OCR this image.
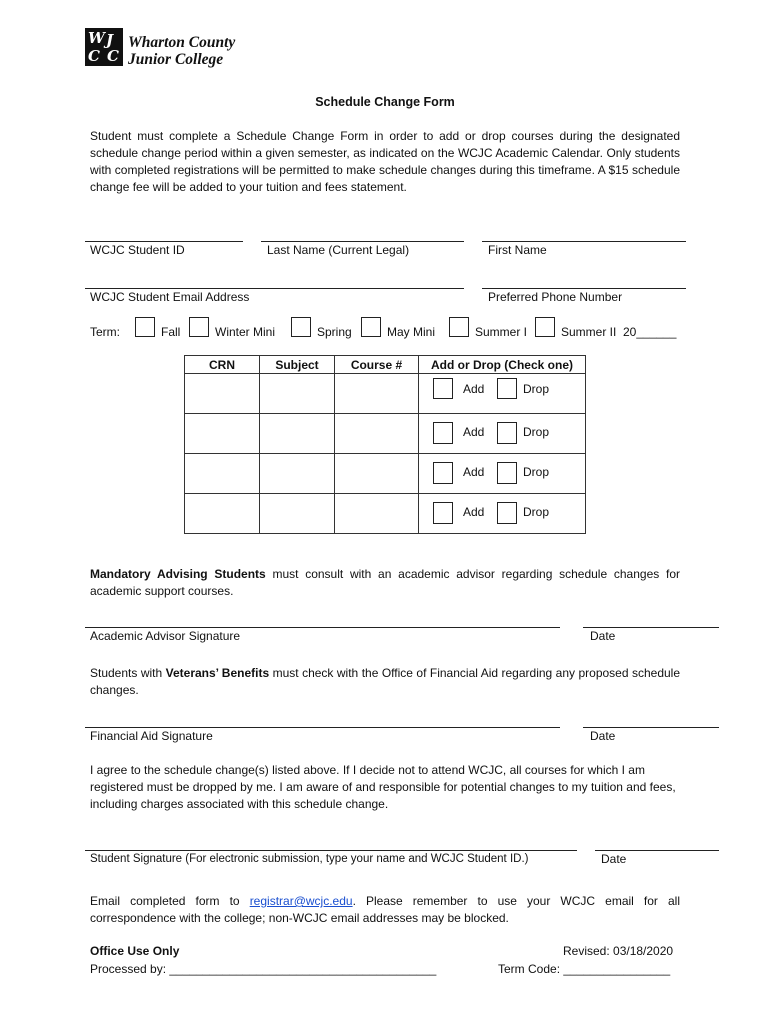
W
C
J
C
Wharton County
Junior College
Schedule Change Form
Student must complete a Schedule Change Form in order to add or drop courses during the designated schedule change period within a given semester, as indicated on the WCJC Academic Calendar. Only students with completed registrations will be permitted to make schedule changes during this timeframe. A $15 schedule change fee will be added to your tuition and fees statement.
WCJC Student ID	Last Name (Current Legal)	First Name
WCJC Student Email Address	Preferred Phone Number
Term:	Fall	Winter Mini	Spring	May Mini	Summer I	Summer II  20______
CRN	Subject	Course #	Add or Drop (Check one)

			Add Drop

			Add Drop

			Add Drop

			Add Drop
Mandatory Advising Students must consult with an academic advisor regarding schedule changes for academic support courses.
Academic Advisor Signature	Date
Students with Veterans’ Benefits must check with the Office of Financial Aid regarding any proposed schedule changes.
Financial Aid Signature	Date
I agree to the schedule change(s) listed above. If I decide not to attend WCJC, all courses for which I am registered must be dropped by me. I am aware of and responsible for potential changes to my tuition and fees, including charges associated with this schedule change.
Student Signature (For electronic submission, type your name and WCJC Student ID.)	Date
Email completed form to registrar@wcjc.edu. Please remember to use your WCJC email for all correspondence with the college; non-WCJC email addresses may be blocked.
Office Use Only	Revised: 03/18/2020
Processed by: ________________________________________	Term Code: ________________
